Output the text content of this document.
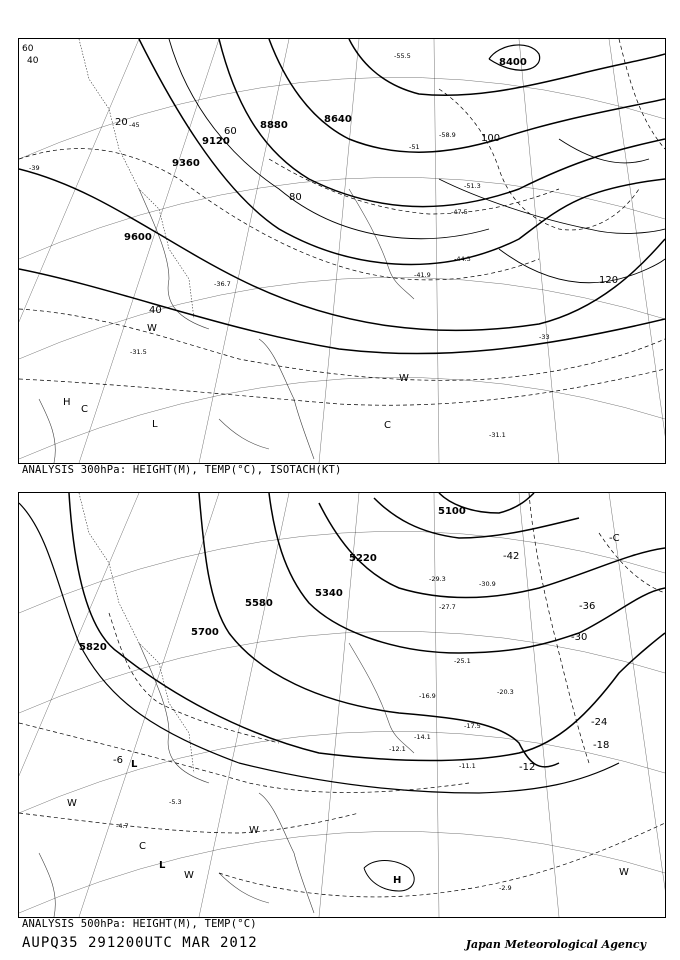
8400
8640
8880
9120
9360
9600
20
40
60
80
100
120
-31.5
-36.7
-41.9
-44.3
-47.5
-51.3
-55.5
-58.9
-39
-45
-51
-33
-31.1
H
C
W
L	C
W
60
40
ANALYSIS 300hPa: HEIGHT(M), TEMP(°C), ISOTACH(KT)
5100
5220
5340
5580
5700
5820
-42
-36
-30
-24
-18
-12
-6
-C
-16.9	-20.3
-25.1
-27.7
-29.3
-30.9
-12.1
-11.1
-14.1
-17.5
-4.7
-5.3
-2.9
L
W
C
W
H
W
L
W
ANALYSIS 500hPa: HEIGHT(M), TEMP(°C)
AUPQ35 291200UTC MAR 2012	Japan Meteorological Agency
